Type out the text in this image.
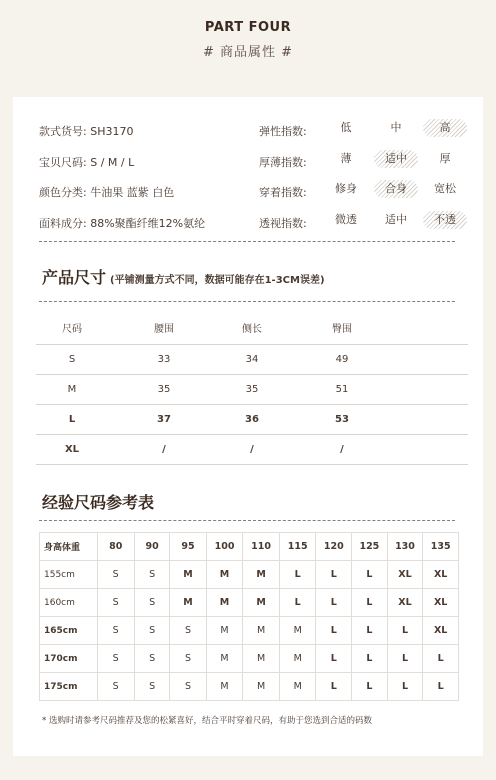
PART FOUR
# 商品属性 #
款式货号: SH3170	弹性指数:	低	中	高
宝贝尺码: S / M / L	厚薄指数:	薄	适中	厚
颜色分类: 牛油果 蓝紫 白色	穿着指数:	修身	合身	宽松
面料成分: 88%聚酯纤维12%氨纶	透视指数:	微透	适中	不透
产品尺寸 (平铺测量方式不同，数据可能存在1-3CM误差)
尺码	腰围	侧长	臀围
S	33	34	49
M	35	35	51
L	37	36	53
XL	/	/	/
经验尺码参考表
身高体重	80	90	95	100	110	115	120	125	130	135
155cm	S	S	M	M	M	L	L	L	XL	XL
160cm	S	S	M	M	M	L	L	L	XL	XL
165cm	S	S	S	M	M	M	L	L	L	XL
170cm	S	S	S	M	M	M	L	L	L	L
175cm	S	S	S	M	M	M	L	L	L	L
* 选购时请参考尺码推荐及您的松紧喜好，结合平时穿着尺码，有助于您选到合适的码数
